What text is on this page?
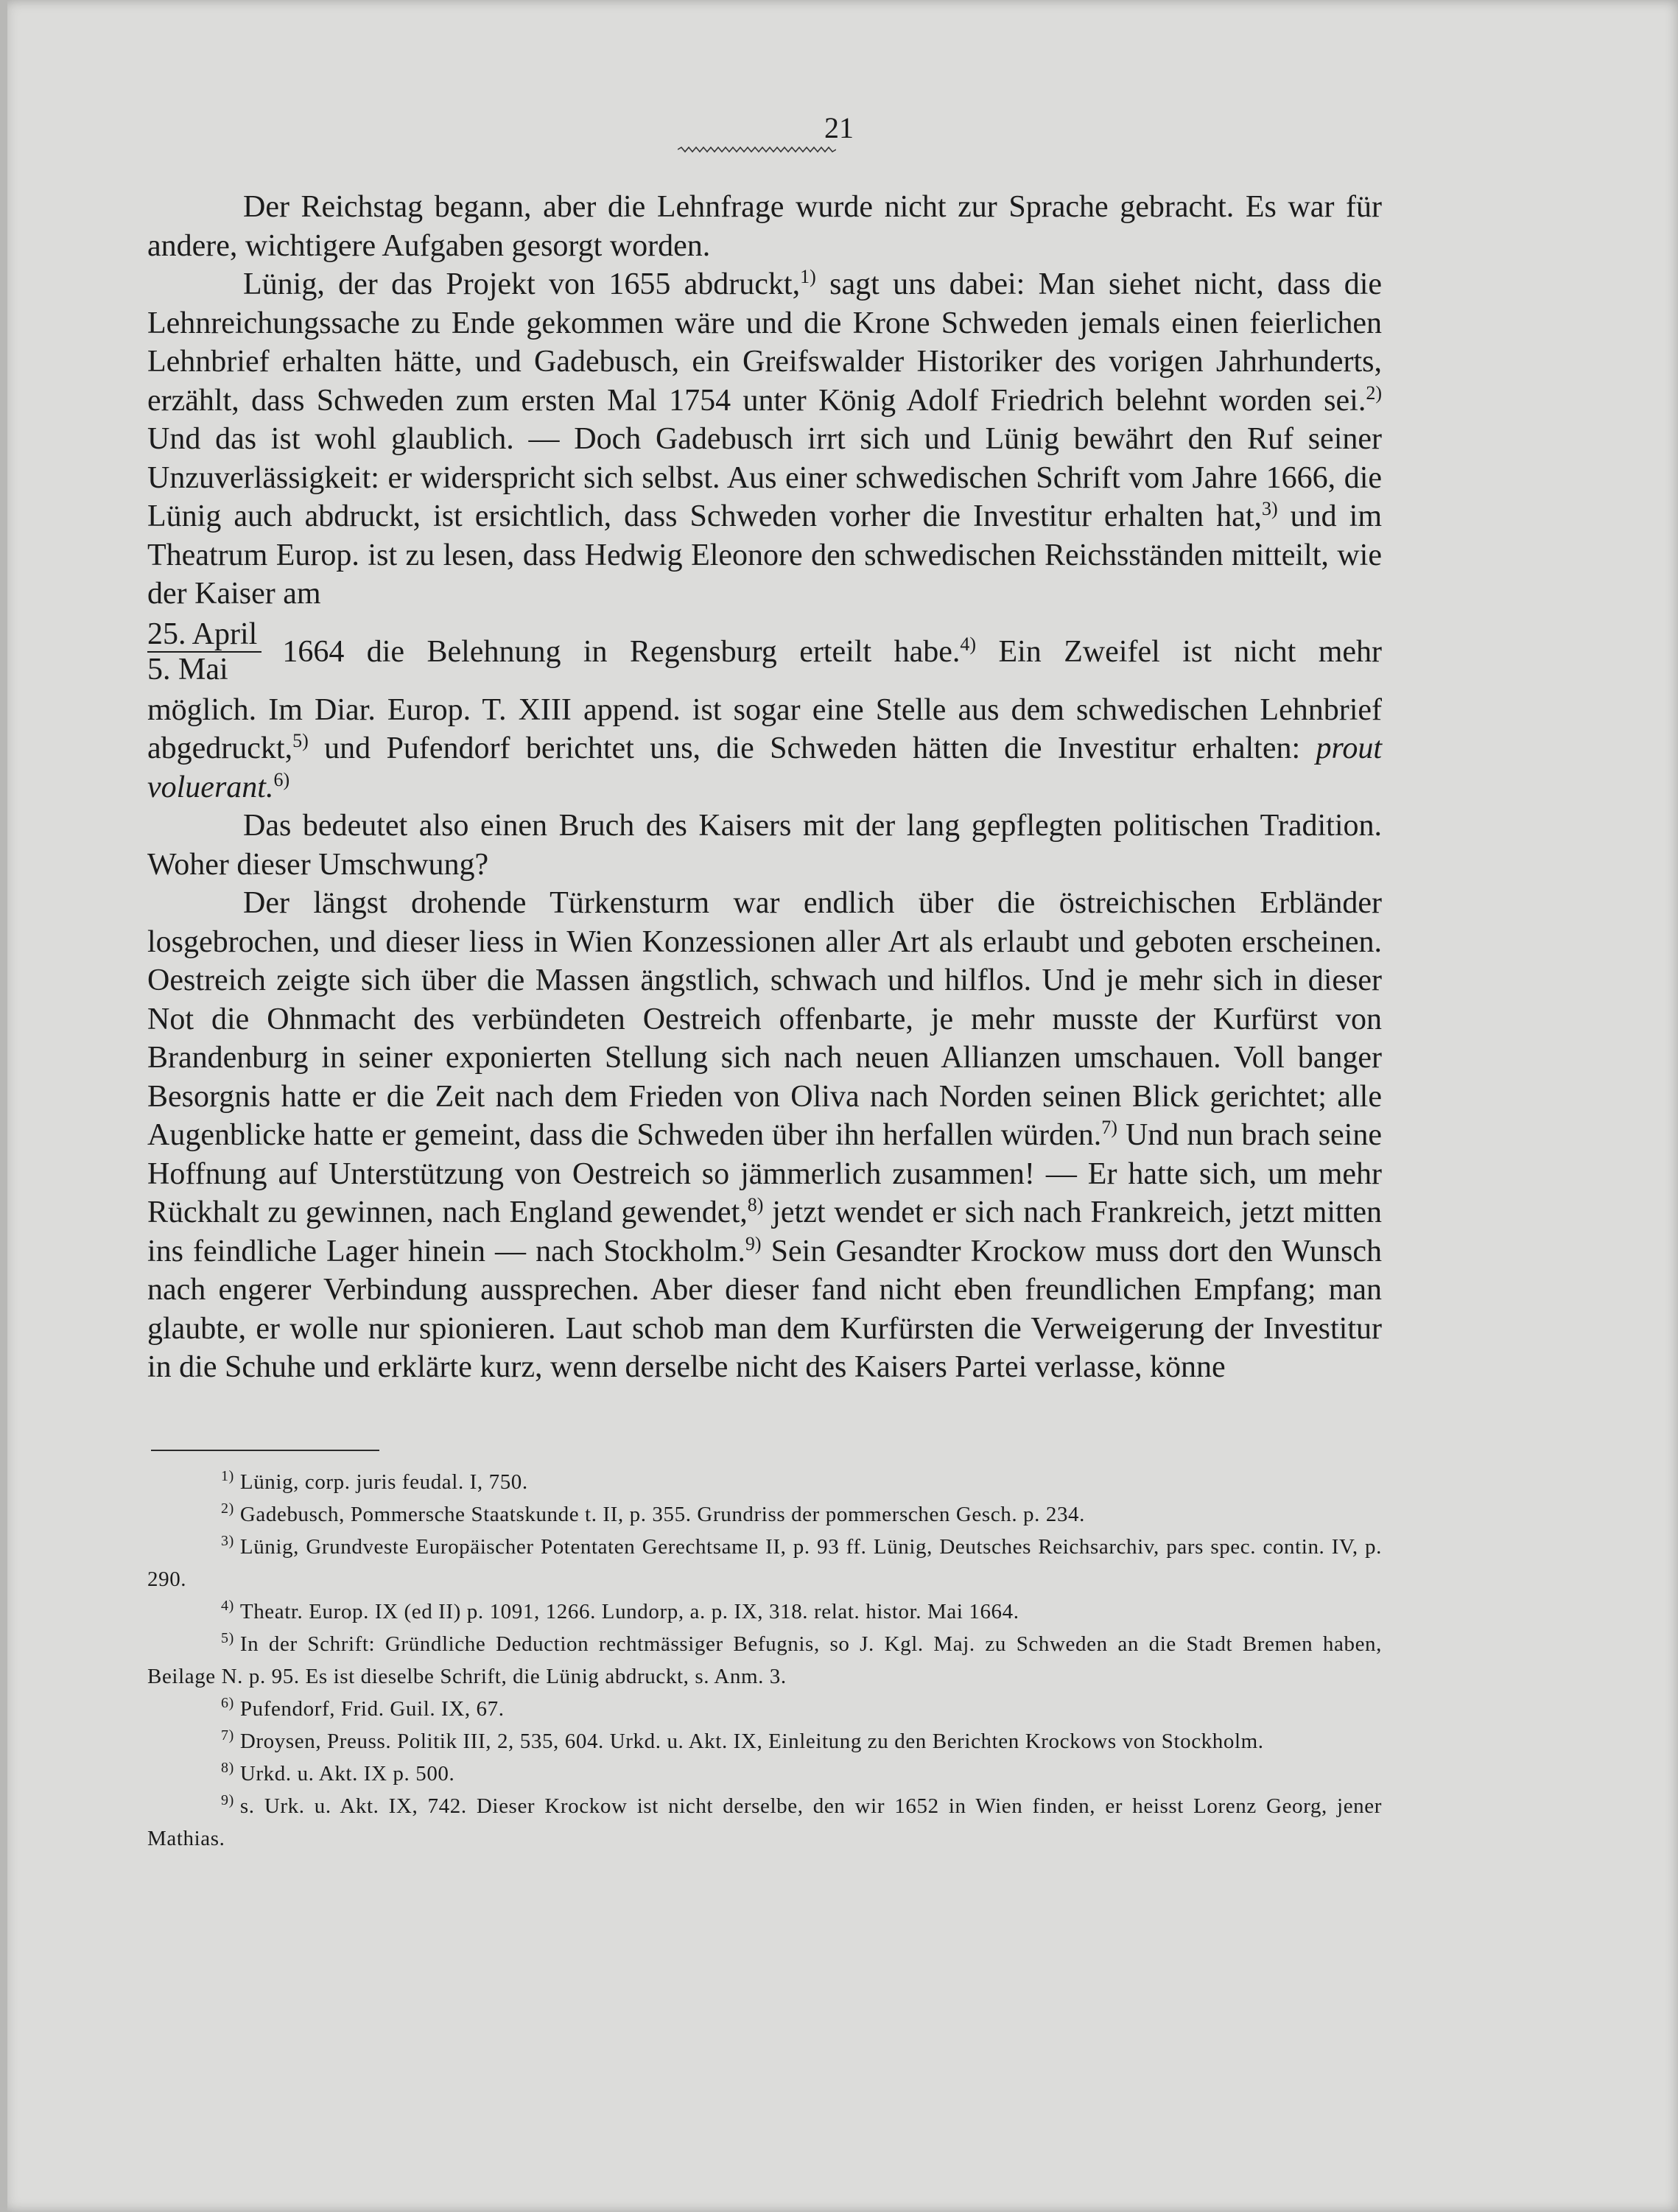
21

Der Reichstag begann, aber die Lehnfrage wurde nicht zur Sprache gebracht. Es war für andere, wichtigere Aufgaben gesorgt worden.

Lünig, der das Projekt von 1655 abdruckt,$^{1)}$ sagt uns dabei: Man siehet nicht, dass die Lehnreichungssache zu Ende gekommen wäre und die Krone Schweden jemals einen feierlichen Lehnbrief erhalten hätte, und Gadebusch, ein Greifswalder Historiker des vorigen Jahrhunderts, erzählt, dass Schweden zum ersten Mal 1754 unter König Adolf Friedrich belehnt worden sei.$^{2)}$ Und das ist wohl glaublich. — Doch Gadebusch irrt sich und Lünig bewährt den Ruf seiner Unzuverlässigkeit: er widerspricht sich selbst. Aus einer schwedischen Schrift vom Jahre 1666, die Lünig auch abdruckt, ist ersichtlich, dass Schweden vorher die Investitur erhalten hat,$^{3)}$ und im Theatrum Europ. ist zu lesen, dass Hedwig Eleonore den schwedischen Reichsständen mitteilt, wie der Kaiser am

$\frac{\text{25. April}}{\text{5. Mai}} 1664$ die Belehnung in Regensburg erteilt habe.$^{4)}$ Ein Zweifel ist nicht mehr

möglich. Im Diar. Europ. T. XIII append. ist sogar eine Stelle aus dem schwedischen Lehnbrief abgedruckt,$^{5)}$ und Pufendorf berichtet uns, die Schweden hätten die Investitur erhalten: prout voluerant.$^{6)}$

Das bedeutet also einen Bruch des Kaisers mit der lang gepflegten politischen Tradition. Woher dieser Umschwung?

Der längst drohende Türkensturm war endlich über die östreichischen Erbländer losgebrochen, und dieser liess in Wien Konzessionen aller Art als erlaubt und geboten erscheinen. Oestreich zeigte sich über die Massen ängstlich, schwach und hilflos. Und je mehr sich in dieser Not die Ohnmacht des verbündeten Oestreich offenbarte, je mehr musste der Kurfürst von Brandenburg in seiner exponierten Stellung sich nach neuen Allianzen umschauen. Voll banger Besorgnis hatte er die Zeit nach dem Frieden von Oliva nach Norden seinen Blick gerichtet; alle Augenblicke hatte er gemeint, dass die Schweden über ihn herfallen würden.$^{7)}$ Und nun brach seine Hoffnung auf Unterstützung von Oestreich so jämmerlich zusammen! — Er hatte sich, um mehr Rückhalt zu gewinnen, nach England gewendet,$^{8)}$ jetzt wendet er sich nach Frankreich, jetzt mitten ins feindliche Lager hinein — nach Stockholm.$^{9)}$ Sein Gesandter Krockow muss dort den Wunsch nach engerer Verbindung aussprechen. Aber dieser fand nicht eben freundlichen Empfang; man glaubte, er wolle nur spionieren. Laut schob man dem Kurfürsten die Verweigerung der Investitur in die Schuhe und erklärte kurz, wenn derselbe nicht des Kaisers Partei verlasse, könne

$^{1)}$ Lünig, corp. juris feudal. I, 750.

$^{2)}$ Gadebusch, Pommersche Staatskunde t. II, p. 355. Grundriss der pommerschen Gesch. p. 234.

$^{3)}$ Lünig, Grundveste Europäischer Potentaten Gerechtsame II, p. 93 ff. Lünig, Deutsches Reichsarchiv, pars spec. contin. IV, p. 290.

$^{4)}$ Theatr. Europ. IX (ed II) p. 1091, 1266. Lundorp, a. p. IX, 318. relat. histor. Mai 1664.

$^{5)}$ In der Schrift: Gründliche Deduction rechtmässiger Befugnis, so J. Kgl. Maj. zu Schweden an die Stadt Bremen haben, Beilage N. p. 95. Es ist dieselbe Schrift, die Lünig abdruckt, s. Anm. 3.

$^{6)}$ Pufendorf, Frid. Guil. IX, 67.

$^{7)}$ Droysen, Preuss. Politik III, 2, 535, 604. Urkd. u. Akt. IX, Einleitung zu den Berichten Krockows von Stockholm.

$^{8)}$ Urkd. u. Akt. IX p. 500.

$^{9)}$ s. Urk. u. Akt. IX, 742. Dieser Krockow ist nicht derselbe, den wir 1652 in Wien finden, er heisst Lorenz Georg, jener Mathias.
